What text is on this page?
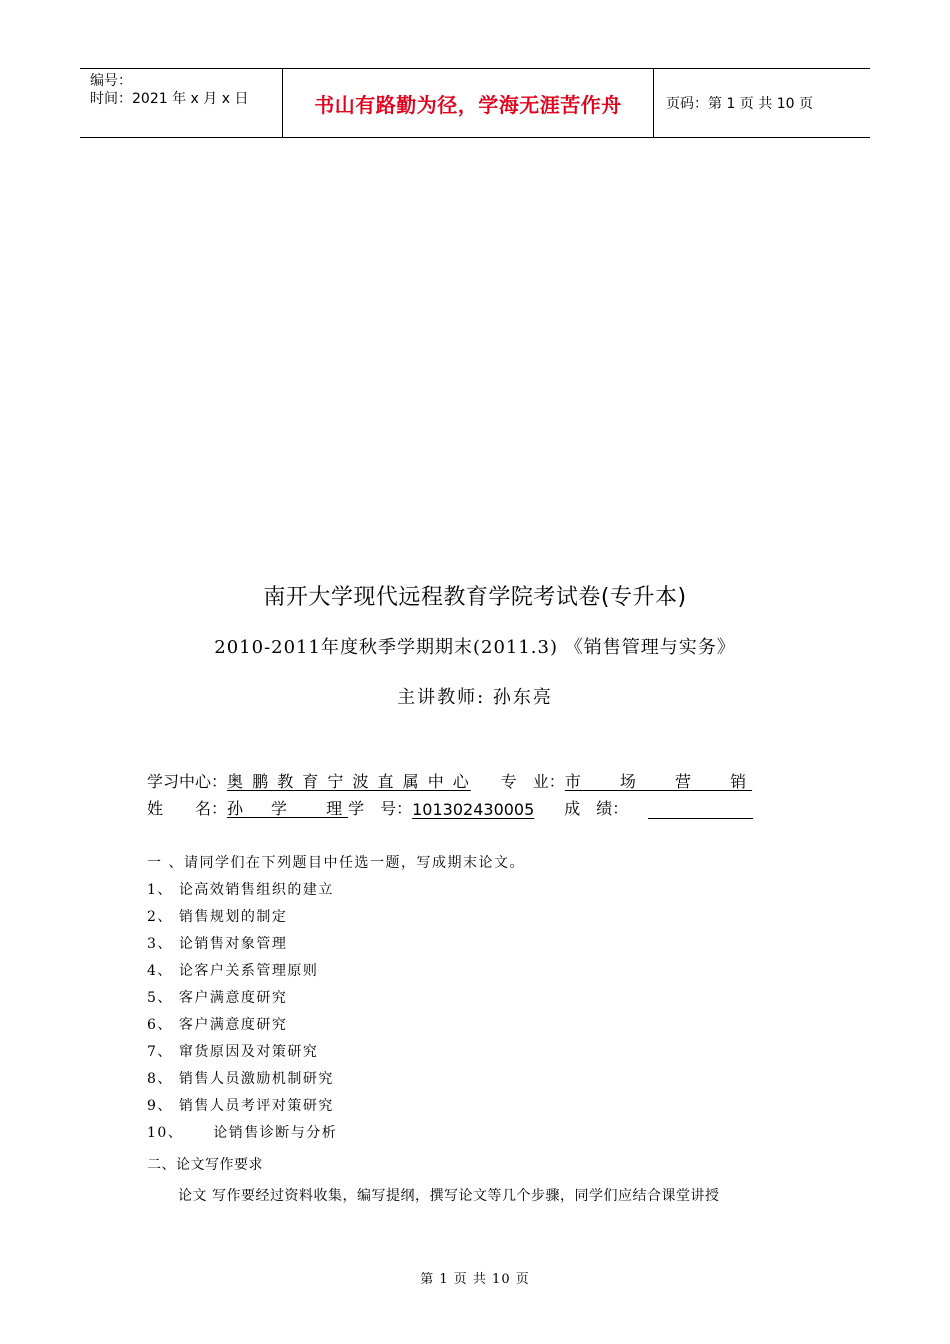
编号：
时间：2021 年 x 月 x 日	书山有路勤为径，学海无涯苦作舟	页码：第 1 页 共 10 页
南开大学现代远程教育学院考试卷(专升本)
2010-2011年度秋季学期期末(2011.3) 《销售管理与实务》
主讲教师: 孙东亮
学习中心： 奥 鹏 教 育 宁 波 直 属 中 心 专　业： 市　 场 　营 　销
姓　　名： 孙　学　 理 学　号： 101302430005 成　绩：
一 、请同学们在下列题目中任选一题，写成期末论文。
1、 论高效销售组织的建立
2、 销售规划的制定
3、 论销售对象管理
4、 论客户关系管理原则
5、 客户满意度研究
6、 客户满意度研究
7、 窜货原因及对策研究
8、 销售人员激励机制研究
9、 销售人员考评对策研究
10、　　 论销售诊断与分析
二、论文写作要求
论文 写作要经过资料收集，编写提纲，撰写论文等几个步骤，同学们应结合课堂讲授
第 1 页 共 10 页
